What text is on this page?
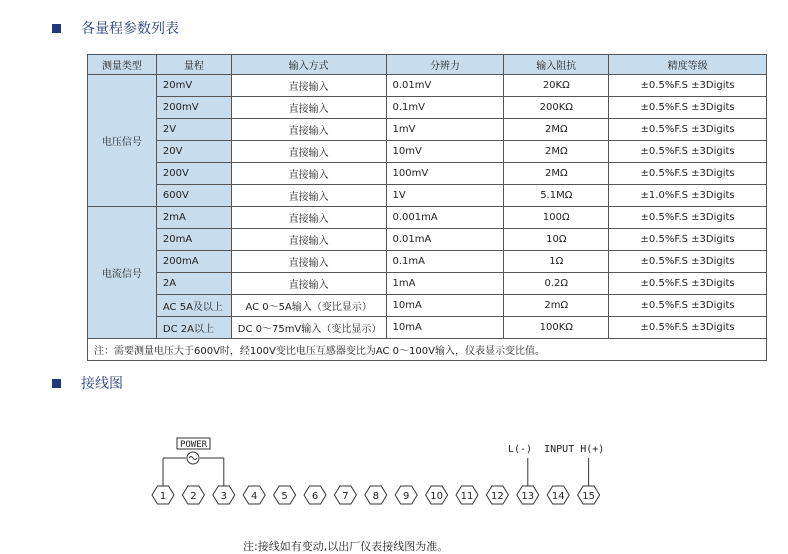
各量程参数列表
测量类型	量程	输入方式	分辨力	输入阻抗	精度等级
电压信号	20mV	直接输入	0.01mV	20KΩ	±0.5%F.S ±3Digits
	200mV	直接输入	0.1mV	200KΩ	±0.5%F.S ±3Digits
	2V	直接输入	1mV	2MΩ	±0.5%F.S ±3Digits
	20V	直接输入	10mV	2MΩ	±0.5%F.S ±3Digits
	200V	直接输入	100mV	2MΩ	±0.5%F.S ±3Digits
	600V	直接输入	1V	5.1MΩ	±1.0%F.S ±3Digits
电流信号	2mA	直接输入	0.001mA	100Ω	±0.5%F.S ±3Digits
	20mA	直接输入	0.01mA	10Ω	±0.5%F.S ±3Digits
	200mA	直接输入	0.1mA	1Ω	±0.5%F.S ±3Digits
	2A	直接输入	1mA	0.2Ω	±0.5%F.S ±3Digits
	AC 5A及以上	AC 0～5A输入（变比显示）	10mA	2mΩ	±0.5%F.S ±3Digits
	DC 2A以上	DC 0～75mV输入（变比显示）	10mA	100KΩ	±0.5%F.S ±3Digits
注：需要测量电压大于600V时，经100V变比电压互感器变比为AC 0～100V输入，仪表显示变比值。					
接线图
POWER	L(-)  INPUT H(+)
1 2 3 4 5 6 7 8 9 10 11 12 13 14 15
注:接线如有变动,以出厂仪表接线图为准。
